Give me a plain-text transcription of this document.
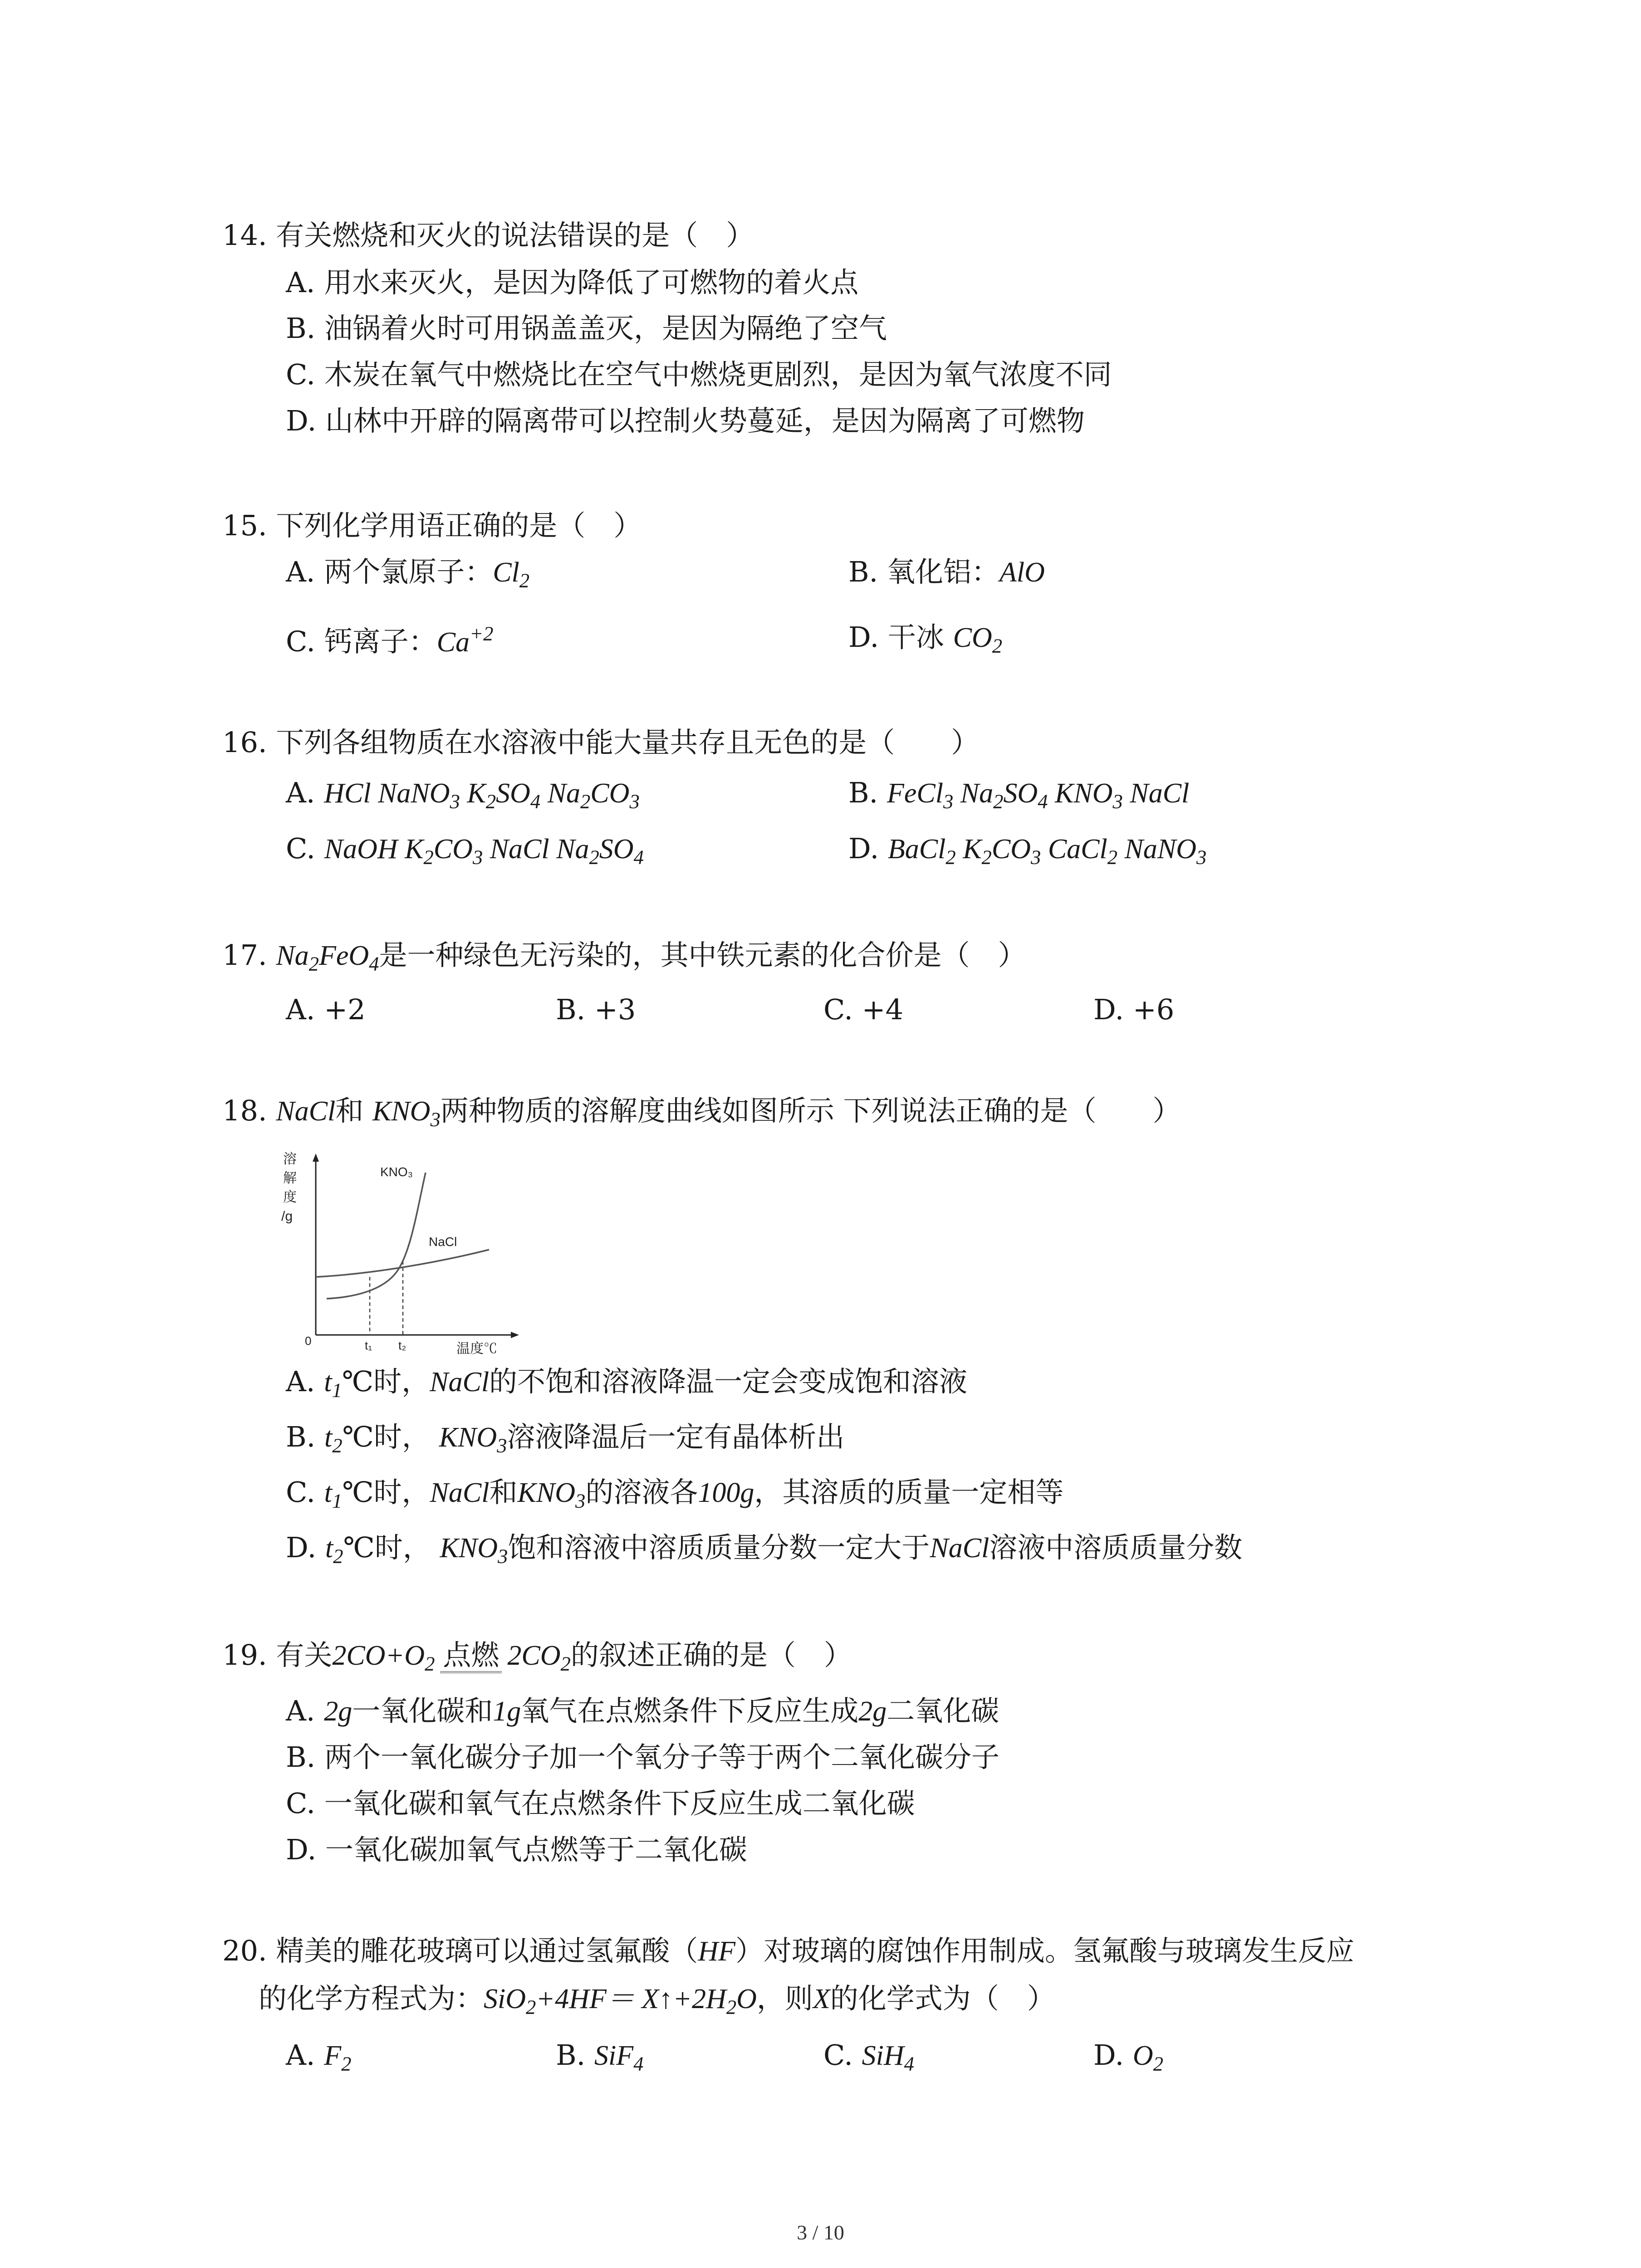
14. 有关燃烧和灭火的说法错误的是（　）
A. 用水来灭火，是因为降低了可燃物的着火点
B. 油锅着火时可用锅盖盖灭，是因为隔绝了空气
C. 木炭在氧气中燃烧比在空气中燃烧更剧烈，是因为氧气浓度不同
D. 山林中开辟的隔离带可以控制火势蔓延，是因为隔离了可燃物
15. 下列化学用语正确的是（　）
A. 两个氯原子：$Cl_2$	B. 氧化铝：AlO
C. 钙离子：$Ca^{+2}$	D. 干冰 $CO_2$
16. 下列各组物质在水溶液中能大量共存且无色的是（　　）
A. HCl NaNO$_3$ $K_2SO_4$ $Na_2CO_3$	B. FeCl$_3$ $Na_2SO_4$ $KNO_3$ NaCl
C. NaOH $K_2CO_3$ NaCl $Na_2SO_4$	D. BaCl$_2$ $K_2CO_3$ CaCl$_2$ NaNO$_3$
17. $Na_2FeO_4$是一种绿色无污染的，其中铁元素的化合价是（　）
A. +2	B. +3	C. +4	D. +6
18. NaCl和 $KNO_3$两种物质的溶解度曲线如图所示 下列说法正确的是（　　）
溶
解
度
/g
0
KNO₃
NaCl
t₁ t₂	温度℃
A. $t_1℃$时，NaCl的不饱和溶液降温一定会变成饱和溶液
B. $t_2℃$时， $KNO_3$溶液降温后一定有晶体析出
C. $t_1℃$时，NaCl和$KNO_3$的溶液各100g，其溶质的质量一定相等
D. $t_2℃$时， $KNO_3$饱和溶液中溶质质量分数一定大于NaCl溶液中溶质质量分数
19. 有关$2CO+O_2$ 点燃 $2CO_2$的叙述正确的是（　）
A. 2g一氧化碳和1g氧气在点燃条件下反应生成2g二氧化碳
B. 两个一氧化碳分子加一个氧分子等于两个二氧化碳分子
C. 一氧化碳和氧气在点燃条件下反应生成二氧化碳
D. 一氧化碳加氧气点燃等于二氧化碳
20. 精美的雕花玻璃可以通过氢氟酸（HF）对玻璃的腐蚀作用制成。氢氟酸与玻璃发生反应
的化学方程式为：$SiO_2+4HF= X↑+2H_2O$，则X的化学式为（　）
A. $F_2$	B. SiF$_4$	C. SiH$_4$	D. $O_2$
3 / 10
